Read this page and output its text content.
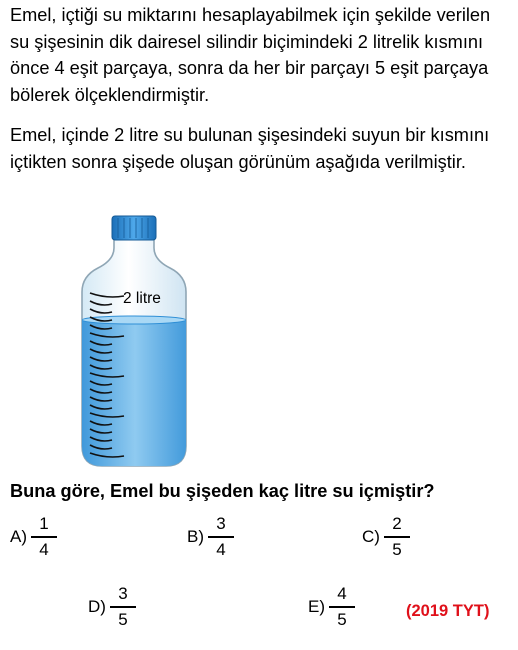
Emel, içtiği su miktarını hesaplayabilmek için şekilde verilen su şişesinin dik dairesel silindir biçimindeki 2 litrelik kısmını önce 4 eşit parçaya, sonra da her bir parçayı 5 eşit parçaya bölerek ölçeklendirmiştir.

Emel, içinde 2 litre su bulunan şişesindeki suyun bir kısmını içtikten sonra şişede oluşan görünüm aşağıda verilmiştir.

2 litre

Buna göre, Emel bu şişeden kaç litre su içmiştir?

$A) \frac{1}{4}$	$B) \frac{3}{4}$	$C) \frac{2}{5}$
$D) \frac{3}{5}$	$E) \frac{4}{5}$	(2019 TYT)
